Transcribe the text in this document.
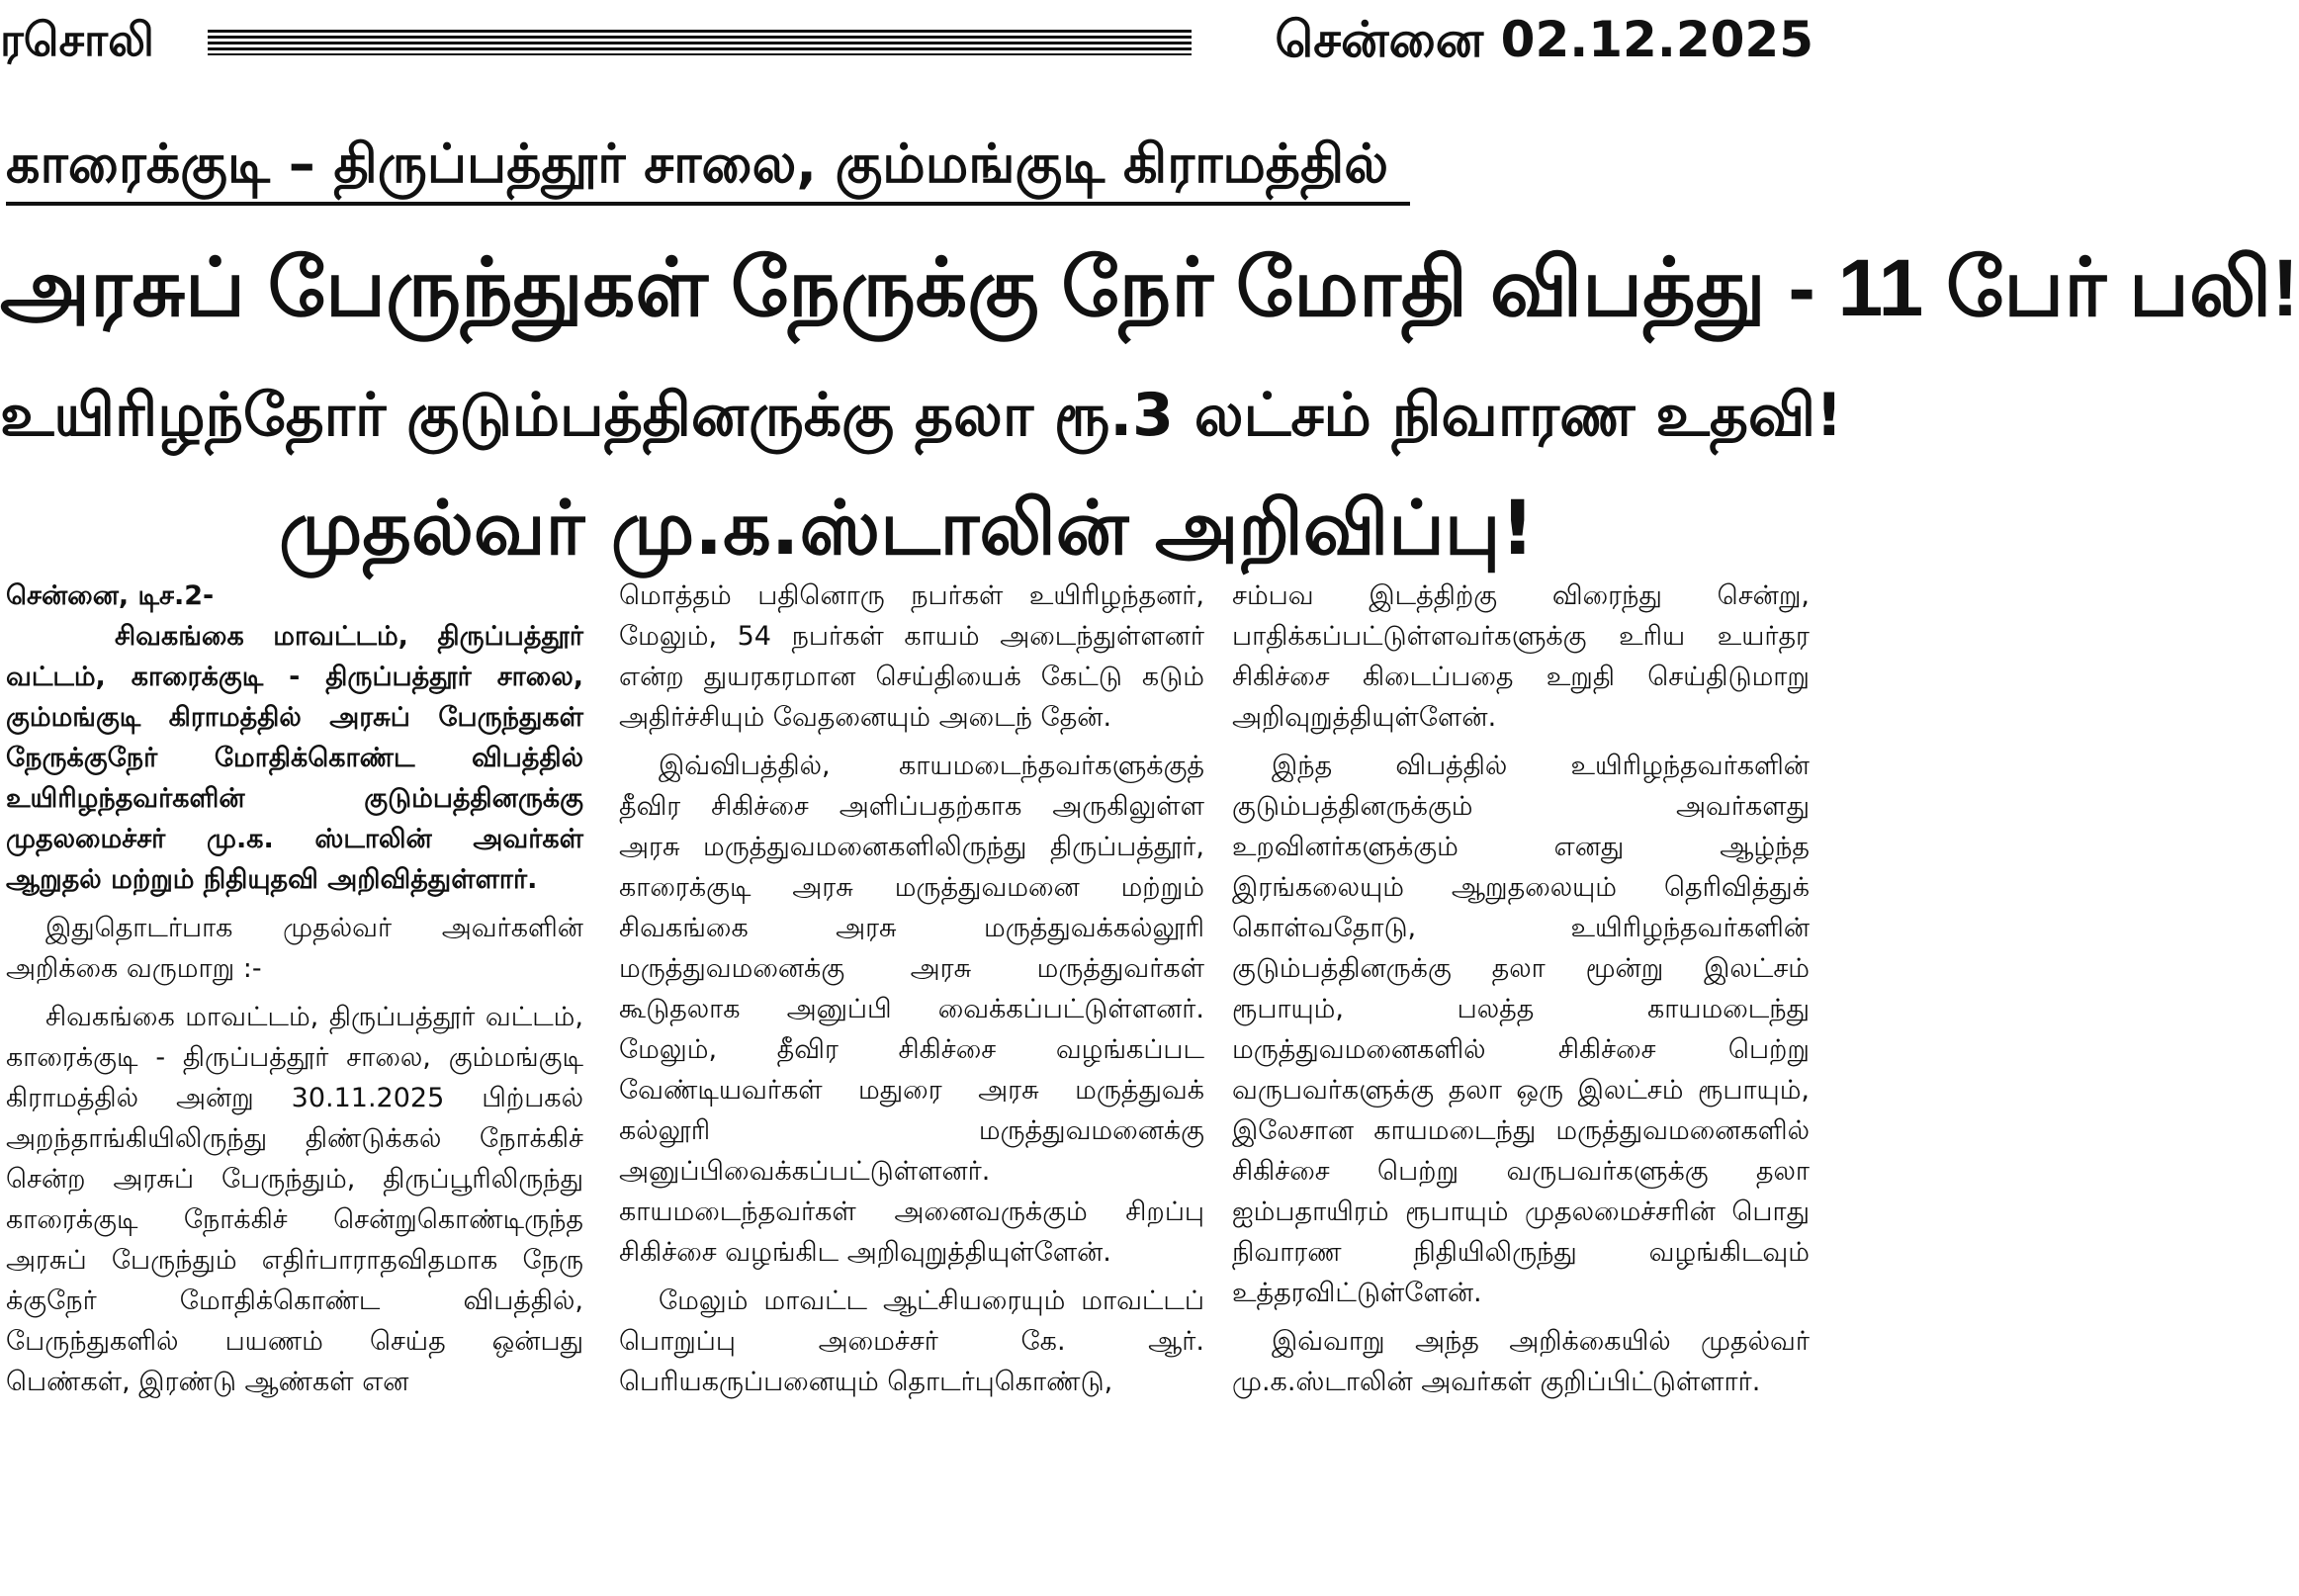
ரசொலி	சென்னை 02.12.2025
காரைக்குடி – திருப்பத்தூர் சாலை, கும்மங்குடி கிராமத்தில்
அரசுப் பேருந்துகள் நேருக்கு நேர் மோதி விபத்து - 11 பேர் பலி!
உயிரிழந்தோர் குடும்பத்தினருக்கு தலா ரூ.3 லட்சம் நிவாரண உதவி!
முதல்வர் மு.க.ஸ்டாலின் அறிவிப்பு!

சென்னை, டிச.2-

சிவகங்கை மாவட்டம், திருப்பத்தூர் வட்டம், காரைக்குடி - திருப்பத்தூர் சாலை, கும்மங்குடி கிராமத்தில் அரசுப் பேருந்துகள் நேருக்குநேர் மோதிக்கொண்ட விபத்தில் உயிரிழந்தவர்களின் குடும்பத்தினருக்கு முதலமைச்சர் மு.க. ஸ்டாலின் அவர்கள் ஆறுதல் மற்றும் நிதியுதவி அறிவித்துள்ளார்.

இதுதொடர்பாக முதல்வர் அவர்களின் அறிக்கை வருமாறு :-

சிவகங்கை மாவட்டம், திருப்பத்தூர் வட்டம், காரைக்குடி - திருப்பத்தூர் சாலை, கும்மங்குடி கிராமத்தில் அன்று 30.11.2025 பிற்பகல் அறந்தாங்கியிலிருந்து திண்டுக்கல் நோக்கிச் சென்ற அரசுப் பேருந்தும், திருப்பூரிலிருந்து காரைக்குடி நோக்கிச் சென்றுகொண்டிருந்த அரசுப் பேருந்தும் எதிர்பாராதவிதமாக நேரு க்குநேர் மோதிக்கொண்ட விபத்தில், பேருந்துகளில் பயணம் செய்த ஒன்பது பெண்கள், இரண்டு ஆண்கள் என

மொத்தம் பதினொரு நபர்கள் உயிரிழந்தனர், மேலும், 54 நபர்கள் காயம் அடைந்துள்ளனர் என்ற துயரகரமான செய்தியைக் கேட்டு கடும் அதிர்ச்சியும் வேதனையும் அடைந் தேன்.

இவ்விபத்தில், காயமடைந்தவர்களுக்குத் தீவிர சிகிச்சை அளிப்பதற்காக அருகிலுள்ள அரசு மருத்துவமனைகளிலிருந்து திருப்பத்தூர், காரைக்குடி அரசு மருத்துவமனை மற்றும் சிவகங்கை அரசு மருத்துவக்கல்லூரி மருத்துவமனைக்கு அரசு மருத்துவர்கள் கூடுதலாக அனுப்பி வைக்கப்பட்டுள்ளனர். மேலும், தீவிர சிகிச்சை வழங்கப்பட வேண்டியவர்கள் மதுரை அரசு மருத்துவக் கல்லூரி மருத்துவமனைக்கு அனுப்பிவைக்கப்பட்டுள்ளனர். காயமடைந்தவர்கள் அனைவருக்கும் சிறப்பு சிகிச்சை வழங்கிட அறிவுறுத்தியுள்ளேன்.

மேலும் மாவட்ட ஆட்சியரையும் மாவட்டப் பொறுப்பு அமைச்சர் கே. ஆர். பெரியகருப்பனையும் தொடர்புகொண்டு,

சம்பவ இடத்திற்கு விரைந்து சென்று, பாதிக்கப்பட்டுள்ளவர்களுக்கு உரிய உயர்தர சிகிச்சை கிடைப்பதை உறுதி செய்திடுமாறு அறிவுறுத்தியுள்ளேன்.

இந்த விபத்தில் உயிரிழந்தவர்களின் குடும்பத்தினருக்கும் அவர்களது உறவினர்களுக்கும் எனது ஆழ்ந்த இரங்கலையும் ஆறுதலையும் தெரிவித்துக் கொள்வதோடு, உயிரிழந்தவர்களின் குடும்பத்தினருக்கு தலா மூன்று இலட்சம் ரூபாயும், பலத்த காயமடைந்து மருத்துவமனைகளில் சிகிச்சை பெற்று வருபவர்களுக்கு தலா ஒரு இலட்சம் ரூபாயும், இலேசான காயமடைந்து மருத்துவமனைகளில் சிகிச்சை பெற்று வருபவர்களுக்கு தலா ஐம்பதாயிரம் ரூபாயும் முதலமைச்சரின் பொது நிவாரண நிதியிலிருந்து வழங்கிடவும் உத்தரவிட்டுள்ளேன்.

இவ்வாறு அந்த அறிக்கையில் முதல்வர் மு.க.ஸ்டாலின் அவர்கள் குறிப்பிட்டுள்ளார்.
